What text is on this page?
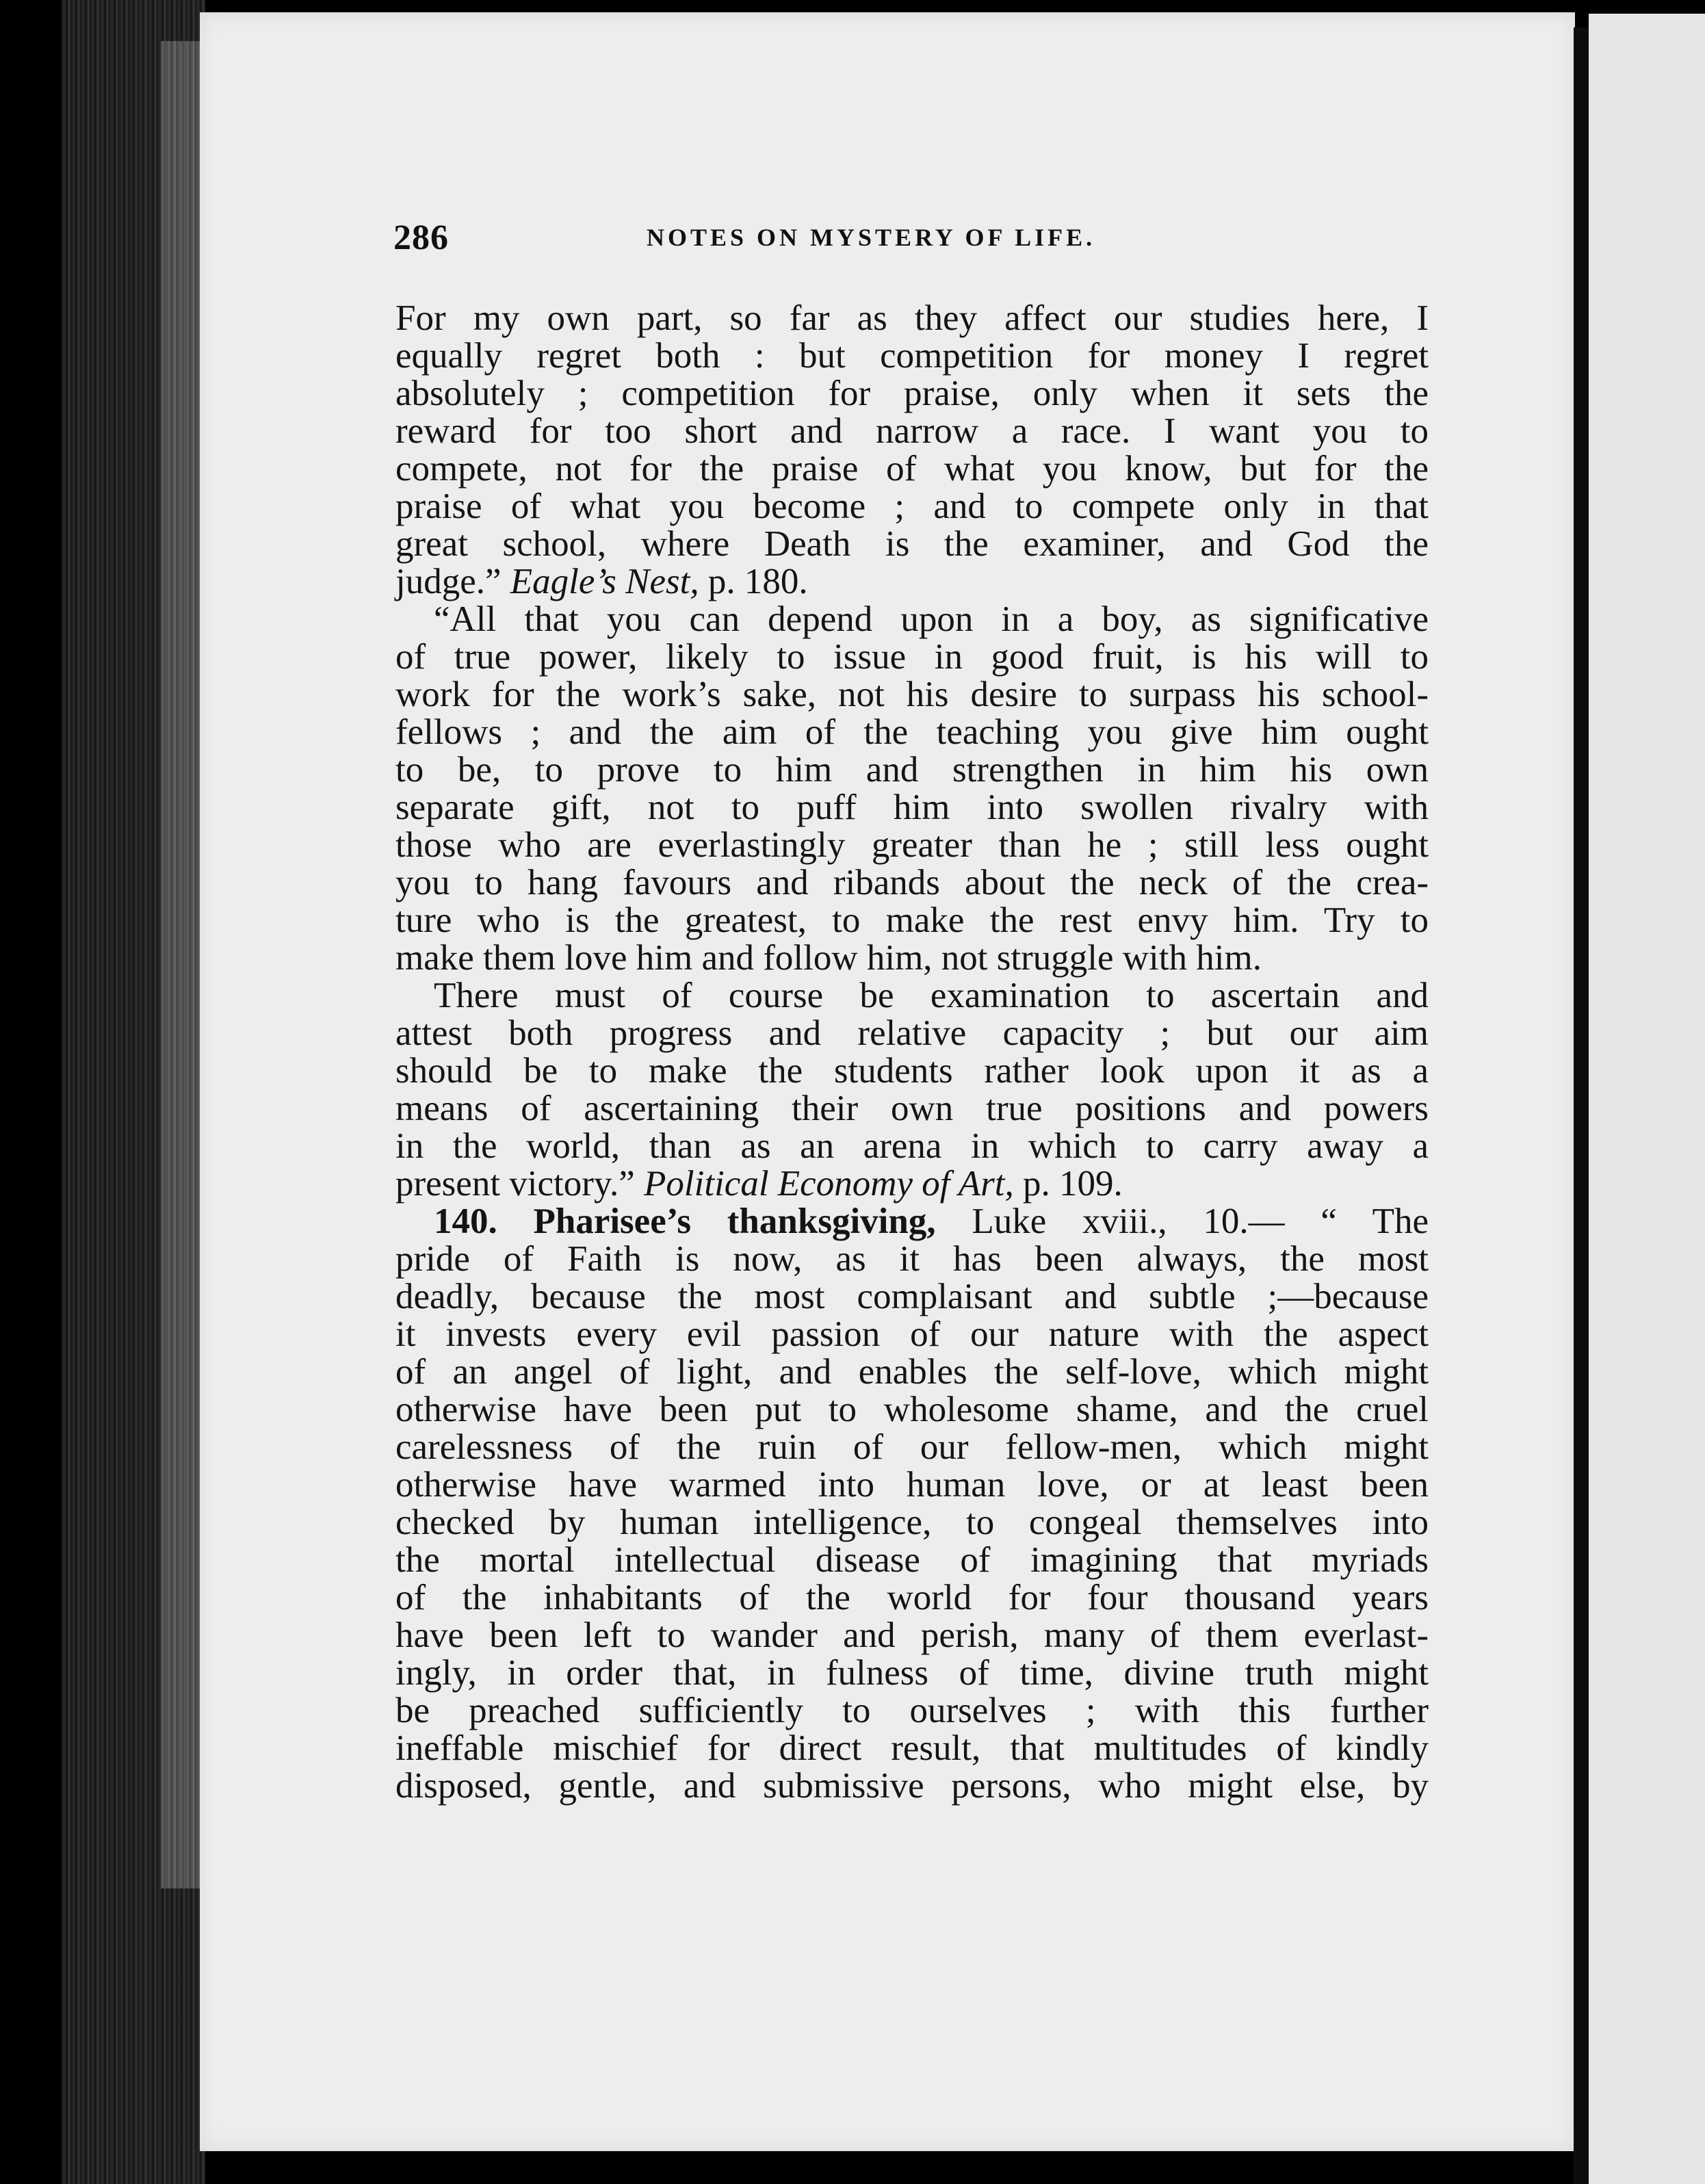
286	NOTES ON MYSTERY OF LIFE.
For my own part, so far as they affect our studies here, I
equally regret both : but competition for money I regret
absolutely ; competition for praise, only when it sets the
reward for too short and narrow a race. I want you to
compete, not for the praise of what you know, but for the
praise of what you become ; and to compete only in that
great school, where Death is the examiner, and God the
judge.” Eagle’s Nest, p. 180.
“All that you can depend upon in a boy, as significative
of true power, likely to issue in good fruit, is his will to
work for the work’s sake, not his desire to surpass his school-
fellows ; and the aim of the teaching you give him ought
to be, to prove to him and strengthen in him his own
separate gift, not to puff him into swollen rivalry with
those who are everlastingly greater than he ; still less ought
you to hang favours and ribands about the neck of the crea-
ture who is the greatest, to make the rest envy him. Try to
make them love him and follow him, not struggle with him.
There must of course be examination to ascertain and
attest both progress and relative capacity ; but our aim
should be to make the students rather look upon it as a
means of ascertaining their own true positions and powers
in the world, than as an arena in which to carry away a
present victory.” Political Economy of Art, p. 109.
140. Pharisee’s thanksgiving, Luke xviii., 10.— “ The
pride of Faith is now, as it has been always, the most
deadly, because the most complaisant and subtle ;—because
it invests every evil passion of our nature with the aspect
of an angel of light, and enables the self-love, which might
otherwise have been put to wholesome shame, and the cruel
carelessness of the ruin of our fellow-men, which might
otherwise have warmed into human love, or at least been
checked by human intelligence, to congeal themselves into
the mortal intellectual disease of imagining that myriads
of the inhabitants of the world for four thousand years
have been left to wander and perish, many of them everlast-
ingly, in order that, in fulness of time, divine truth might
be preached sufficiently to ourselves ; with this further
ineffable mischief for direct result, that multitudes of kindly
disposed, gentle, and submissive persons, who might else, by
